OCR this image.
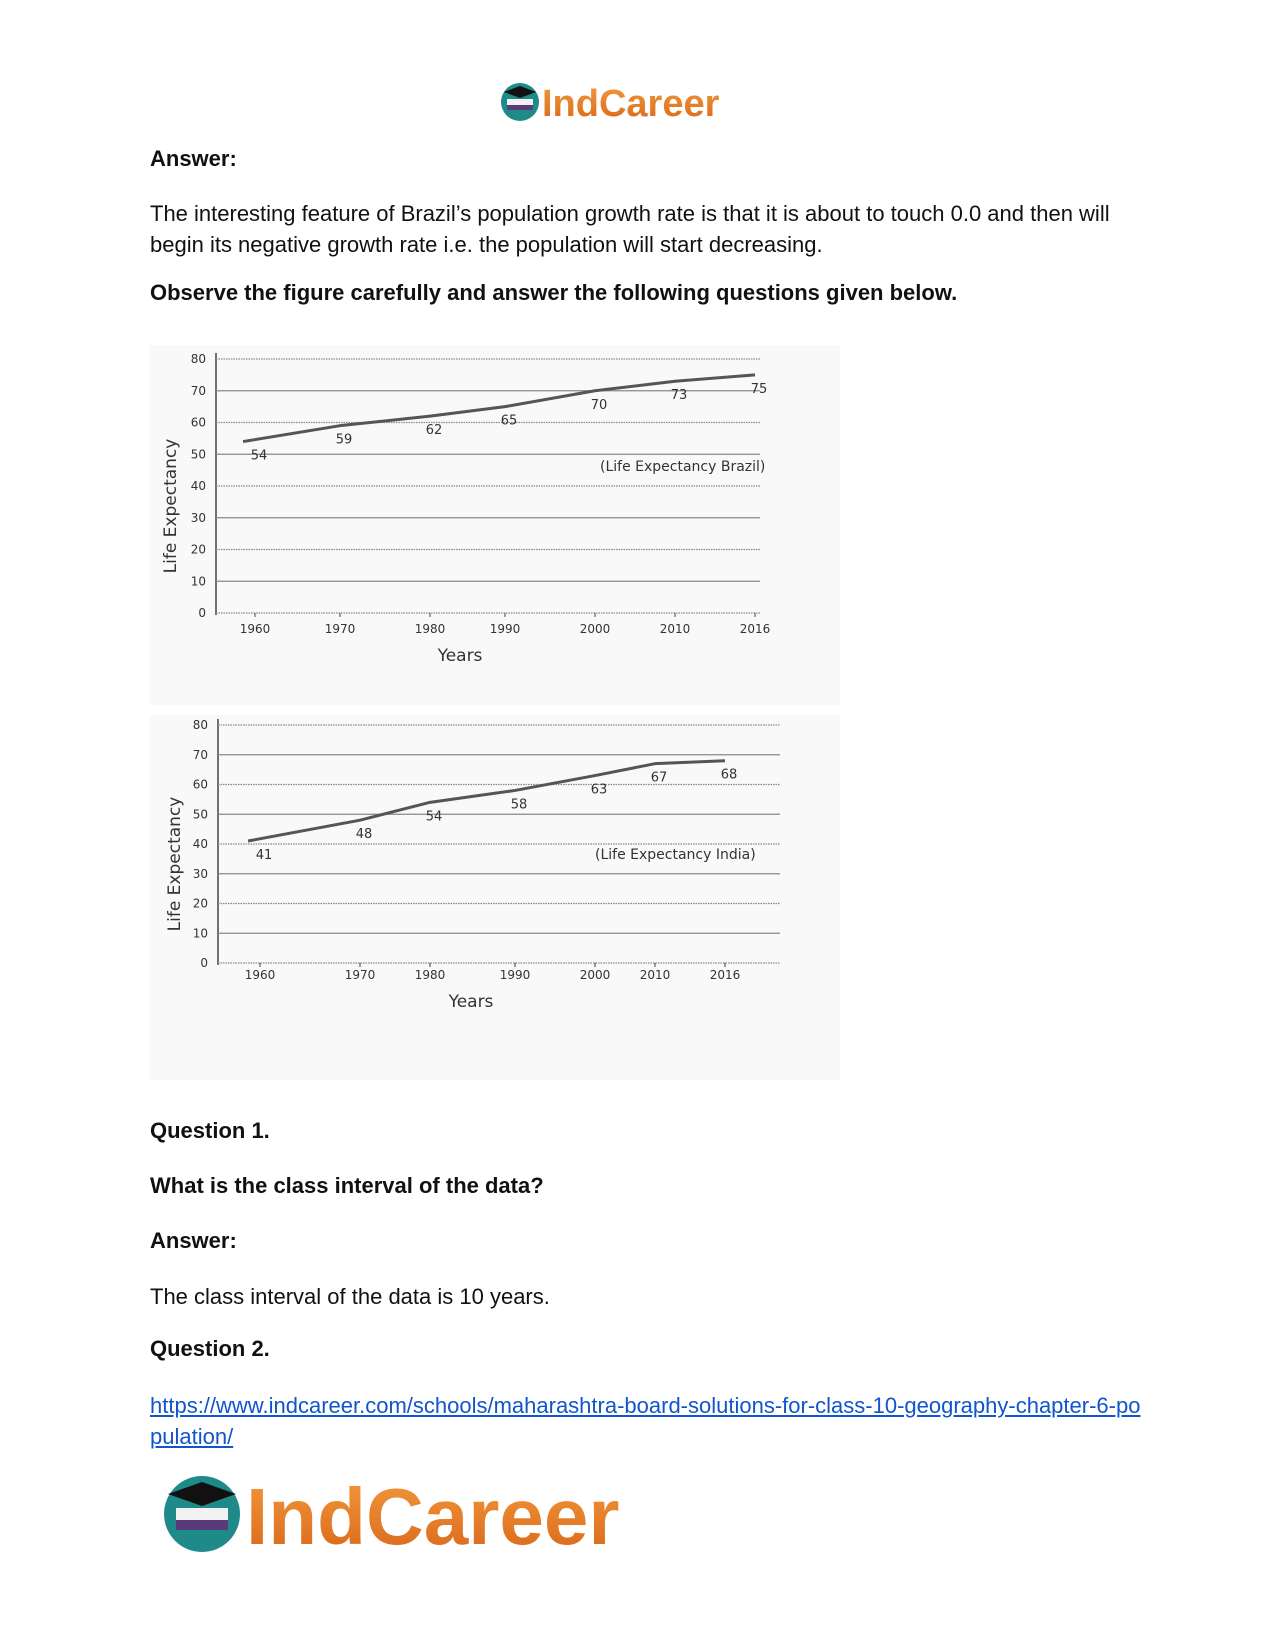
IndCareer
Answer:
The interesting feature of Brazil’s population growth rate is that it is about to touch 0.0 and then will begin its negative growth rate i.e. the population will start decreasing.
Observe the figure carefully and answer the following questions given below.
0
10
20
30
40
50
60
70
80
1960	1970	1980	1990	2000	2010	2016
Years
Life Expectancy	54
59
62
65
70
73	75
(Life Expectancy Brazil)
0
10
20
30
40
50
60
70
80
1960	1970	1980	1990	2000 2010	2016
Years
Life Expectancy	41
48
54
58
63
67	68
(Life Expectancy India)
Question 1.
What is the class interval of the data?
Answer:
The class interval of the data is 10 years.
Question 2.
https://www.indcareer.com/schools/maharashtra-board-solutions-for-class-10-geography-chapter-6-population/
IndCareer
